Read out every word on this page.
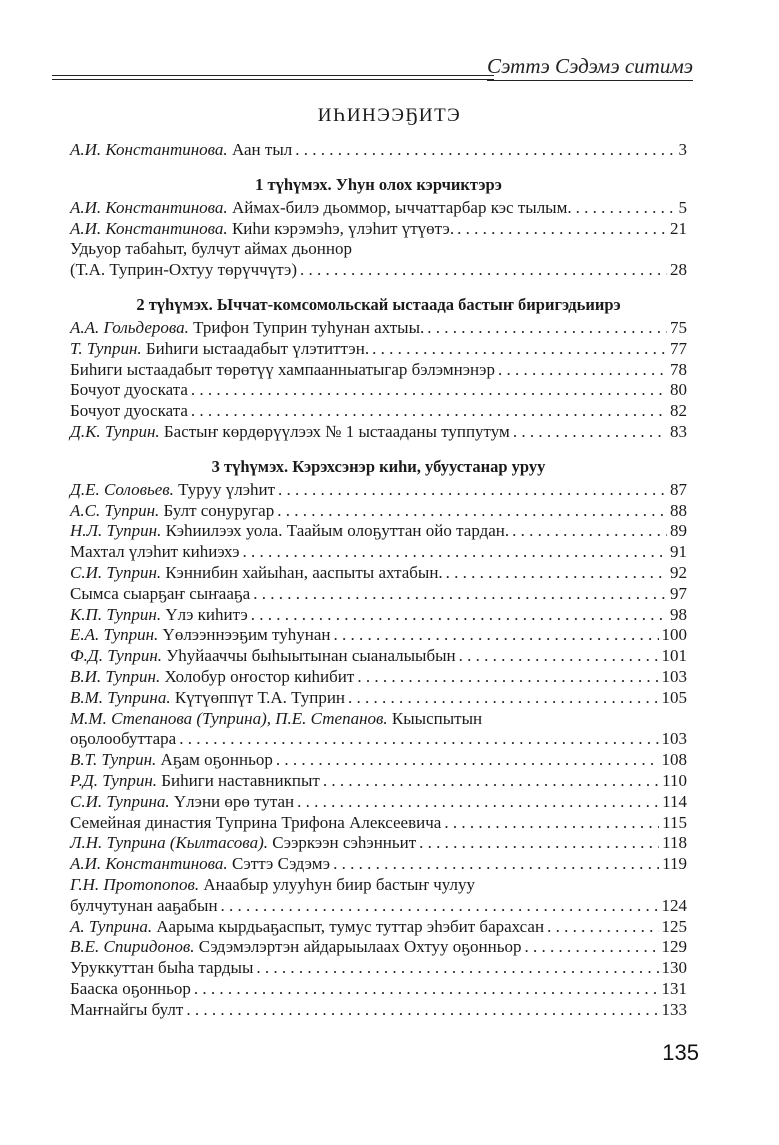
Сэттэ Сэдэмэ ситимэ
ИҺИНЭЭҔИТЭ
А.И. Константинова. Аан тыл . . .	3
1 түһүмэх. Уһун олох кэрчиктэрэ
А.И. Константинова. Аймах-билэ дьоммор, ыччаттарбар кэс тылым. . . .	5
А.И. Константинова. Киһи кэрэмэһэ, үлэһит үтүөтэ. . . .	21
Удьуор табаһыт, булчут аймах дьоннор
(Т.А. Туприн-Охтуу төрүччүтэ) . . .	28
2 түһүмэх. Ыччат-комсомольскай ыстаада бастыҥ биригэдьиирэ
А.А. Гольдерова. Трифон Туприн туһунан ахтыы. . . .	75
Т. Туприн. Биһиги ыстаадабыт үлэтиттэн. . . .	77
Биһиги ыстаадабыт төрөтүү хампаанныатыгар бэлэмнэнэр . . .	78
Бочуот дуоската . . .	80
Бочуот дуоската . . .	82
Д.К. Туприн. Бастыҥ көрдөрүүлээх № 1 ыстааданы туппутум . . .	83
3 түһүмэх. Кэрэхсэнэр киһи, убуустанар уруу
Д.Е. Соловьев. Туруу үлэһит . . .	87
А.С. Туприн. Булт сонуругар . . .	88
Н.Л. Туприн. Кэһиилээх уола. Таайым олоҕуттан ойо тардан. . . .	89
Махтал үлэһит киһиэхэ . . .	91
С.И. Туприн. Кэннибин хайыһан, ааспыты ахтабын. . . .	92
Сымса сыарҕаҥ сыҥааҕа . . .	97
К.П. Туприн. Үлэ киһитэ . . .	98
Е.А. Туприн. Үөлээннээҕим туһунан . . .	100
Ф.Д. Туприн. Уһуйааччы быһыытынан сыаналыыбын . . .	101
В.И. Туприн. Холобур оҥостор киһибит . . .	103
В.М. Туприна. Күтүөппүт Т.А. Туприн . . .	105
М.М. Степанова (Туприна), П.Е. Степанов. Кыыспытын
оҕолообуттара . . .	103
В.Т. Туприн. Аҕам оҕонньор . . .	108
Р.Д. Туприн. Биһиги наставникпыт . . .	110
С.И. Туприна. Үлэни өрө тутан . . .	114
Семейная династия Туприна Трифона Алексеевича . . .	115
Л.Н. Туприна (Кылтасова). Сээркээн сэһэнньит . . .	118
А.И. Константинова. Сэттэ Сэдэмэ . . .	119
Г.Н. Протопопов. Анаабыр улууһун биир бастыҥ чулуу
булчутунан ааҕабын . . .	124
А. Туприна. Аарыма кырдьаҕаспыт, тумус туттар эһэбит барахсан . . .	125
В.Е. Спиридонов. Сэдэмэлэртэн айдарыылаах Охтуу оҕонньор . . .	129
Уруккуттан быһа тардыы . . .	130
Бааска оҕонньор . . .	131
Маҥнайгы булт . . .	133
135
